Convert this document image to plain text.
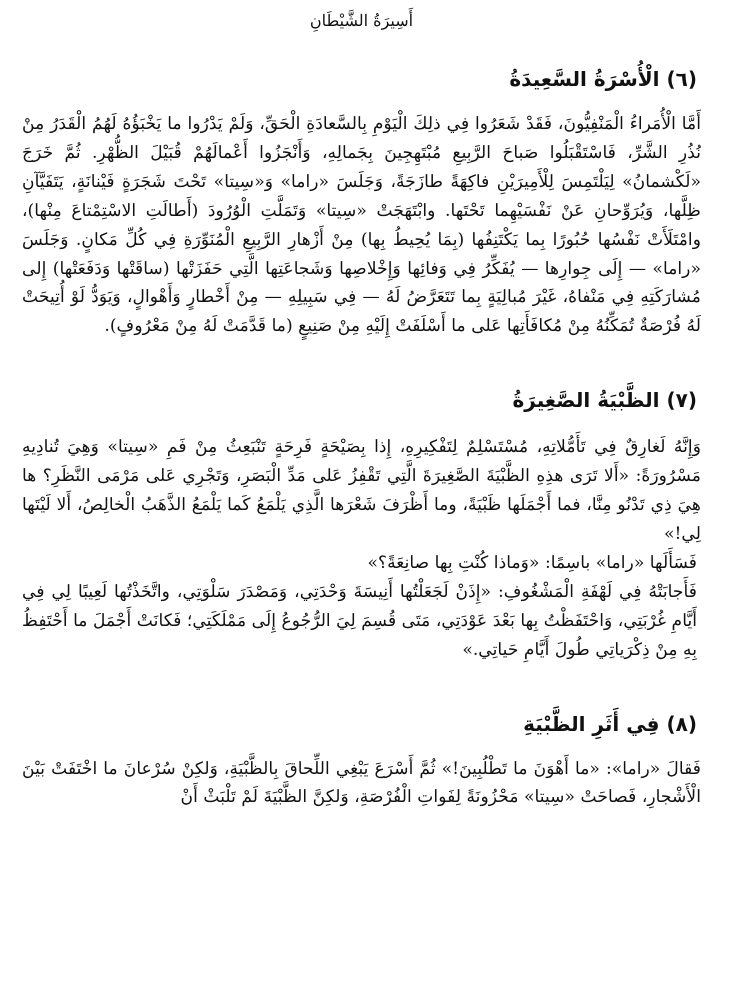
أَسِيرَةُ الشَّيْطَانِ
(٦) الْأُسْرَةُ السَّعِيدَةُ

أَمَّا الْأُمَراءُ الْمَنْفِيُّونَ، فَقَدْ شَعَرُوا فِي ذلِكَ الْيَوْمِ بِالسَّعادَةِ الْحَقِّ، وَلَمْ يَدْرُوا ما يَخْبَؤُهُ لَهُمُ الْقَدَرُ مِنْ نُذُرِ الشَّرِّ، فَاسْتَقْبَلُوا صَباحَ الرَّبِيعِ مُبْتَهِجِينَ بِجَمالِهِ، وَأَنْجَزُوا أَعْمالَهُمْ قُبَيْلَ الظُّهْرِ. ثُمَّ خَرَجَ «لَكْشمانُ» لِيَلْتَمِسَ لِلْأَمِيرَيْنِ فاكِهَةً طازَجَةً، وَجَلَسَ «راما» وَ«سِيتا» تَحْتَ شَجَرَةٍ فَيْنانَةٍ، يَتَفَيَّآنِ ظِلَّها، وَيُرَوِّحانِ عَنْ نَفْسَيْهِما تَحْتَها. وابْتَهَجَتْ «سِيتا» وَتَمَلَّتِ الْوُرُودَ (أَطالَتِ الاسْتِمْتاعَ مِنْها)، وامْتَلَأَتْ نَفْسُها حُبُورًا بِما يَكْتَنِفُها (بِمَا يُحِيطُ بِها) مِنْ أَزْهارِ الرَّبِيعِ الْمُنَوِّرَةِ فِي كُلِّ مَكانٍ. وَجَلَسَ «راما» — إِلَى جِوارِها — يُفَكِّرُ فِي وَفائِها وَإِخْلاصِها وَشَجاعَتِها الَّتِي حَفَزَتْها (ساقَتْها وَدَفَعَتْها) إِلى مُشارَكَتِهِ فِي مَنْفاهُ، غَيْرَ مُبالِيَةٍ بِما تَتَعَرَّضُ لَهُ — فِي سَبِيلِهِ — مِنْ أَخْطارٍ وَأَهْوالٍ، وَيَوَدُّ لَوْ أُتِيحَتْ لَهُ فُرْصَةٌ تُمَكِّنُهُ مِنْ مُكافَأَتِها عَلى ما أَسْلَفَتْ إِلَيْهِ مِنْ صَنِيعٍ (ما قَدَّمَتْ لَهُ مِنْ مَعْرُوفٍ).

(٧) الظَّبْيَةُ الصَّغِيرَةُ

وَإِنَّهُ لَغارِقٌ فِي تَأَمُّلاتِهِ، مُسْتَسْلِمٌ لِتَفْكِيرِهِ، إِذا بِصَيْحَةٍ فَرِحَةٍ تَنْبَعِثُ مِنْ فَمِ «سِيتا» وَهِيَ تُنادِيهِ مَسْرُورَةً: «أَلا تَرَى هذِهِ الظَّبْيَةَ الصَّغِيرَةَ الَّتِي تَقْفِزُ عَلى مَدِّ الْبَصَرِ، وَتَجْرِي عَلى مَرْمَى النَّظَرِ؟ ها هِيَ ذِي تَدْنُو مِنَّا، فما أَجْمَلَها ظَبْيَةً، وما أَظْرَفَ شَعْرَها الَّذِي يَلْمَعُ كَما يَلْمَعُ الذَّهَبُ الْخالِصُ، أَلا لَيْتَها لِي!»

فَسَأَلَها «راما» باسِمًا: «وَماذا كُنْتِ بِها صانِعَةً؟»

فَأَجابَتْهُ فِي لَهْفَةِ الْمَشْغُوفِ: «إِذَنْ لَجَعَلْتُها أَنِيسَةَ وَحْدَتِي، وَمَصْدَرَ سَلْوَتِي، واتَّخَذْتُها لَعِيبًا لِي فِي أَيَّامِ غُرْبَتِي، وَاحْتَفَظْتُ بِها بَعْدَ عَوْدَتِي، مَتَى قُسِمَ لِيَ الرُّجُوعُ إِلَى مَمْلَكَتِي؛ فَكانَتْ أَجْمَلَ ما أَحْتَفِظُ بِهِ مِنْ ذِكْرَياتِي طُولَ أَيَّامِ حَياتِي.»

(٨) فِي أَثَرِ الظَّبْيَةِ

فَقالَ «راما»: «ما أَهْوَنَ ما تَطْلُبِينَ!» ثُمَّ أَسْرَعَ يَبْغِي اللِّحاقَ بِالظَّبْيَةِ، وَلكِنْ سُرْعانَ ما اخْتَفَتْ بَيْنَ الْأَشْجارِ، فَصاحَتْ «سِيتا» مَحْزُونَةً لِفَواتِ الْفُرْصَةِ، وَلكِنَّ الظَّبْيَةَ لَمْ تَلْبَثْ أَنْ
